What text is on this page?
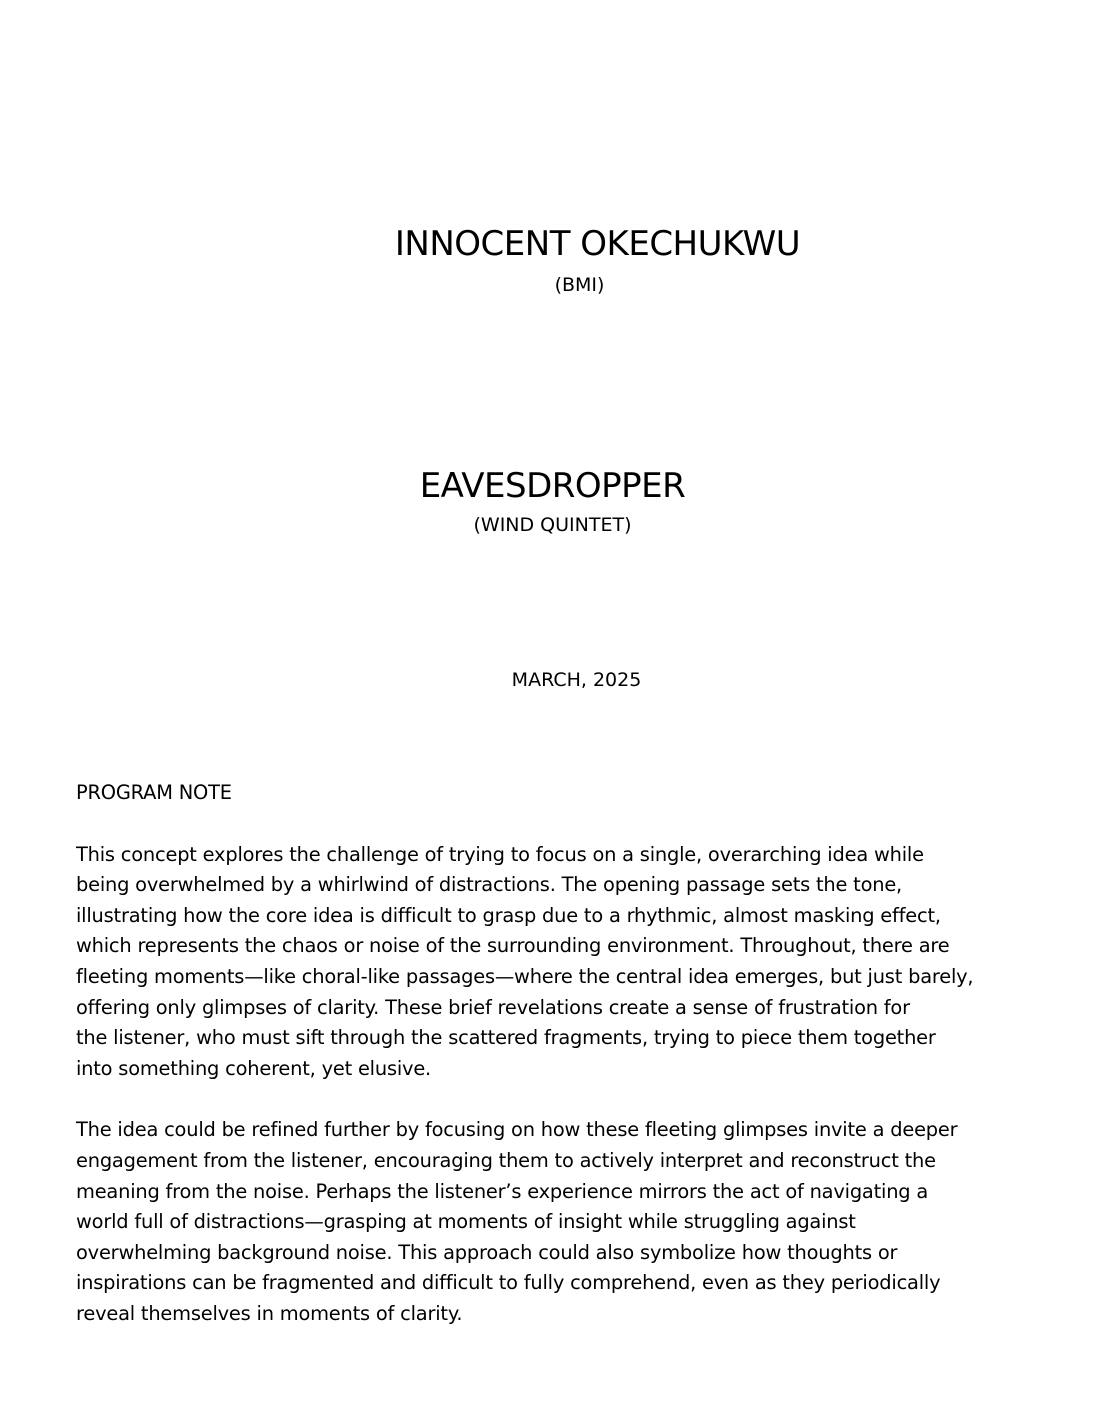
INNOCENT OKECHUKWU
(BMI)
EAVESDROPPER
(WIND QUINTET)
MARCH, 2025
PROGRAM NOTE
This concept explores the challenge of trying to focus on a single, overarching idea while
being overwhelmed by a whirlwind of distractions. The opening passage sets the tone,
illustrating how the core idea is difficult to grasp due to a rhythmic, almost masking effect,
which represents the chaos or noise of the surrounding environment. Throughout, there are
fleeting moments—like choral-like passages—where the central idea emerges, but just barely,
offering only glimpses of clarity. These brief revelations create a sense of frustration for
the listener, who must sift through the scattered fragments, trying to piece them together
into something coherent, yet elusive.
The idea could be refined further by focusing on how these fleeting glimpses invite a deeper
engagement from the listener, encouraging them to actively interpret and reconstruct the
meaning from the noise. Perhaps the listener’s experience mirrors the act of navigating a
world full of distractions—grasping at moments of insight while struggling against
overwhelming background noise. This approach could also symbolize how thoughts or
inspirations can be fragmented and difficult to fully comprehend, even as they periodically
reveal themselves in moments of clarity.
